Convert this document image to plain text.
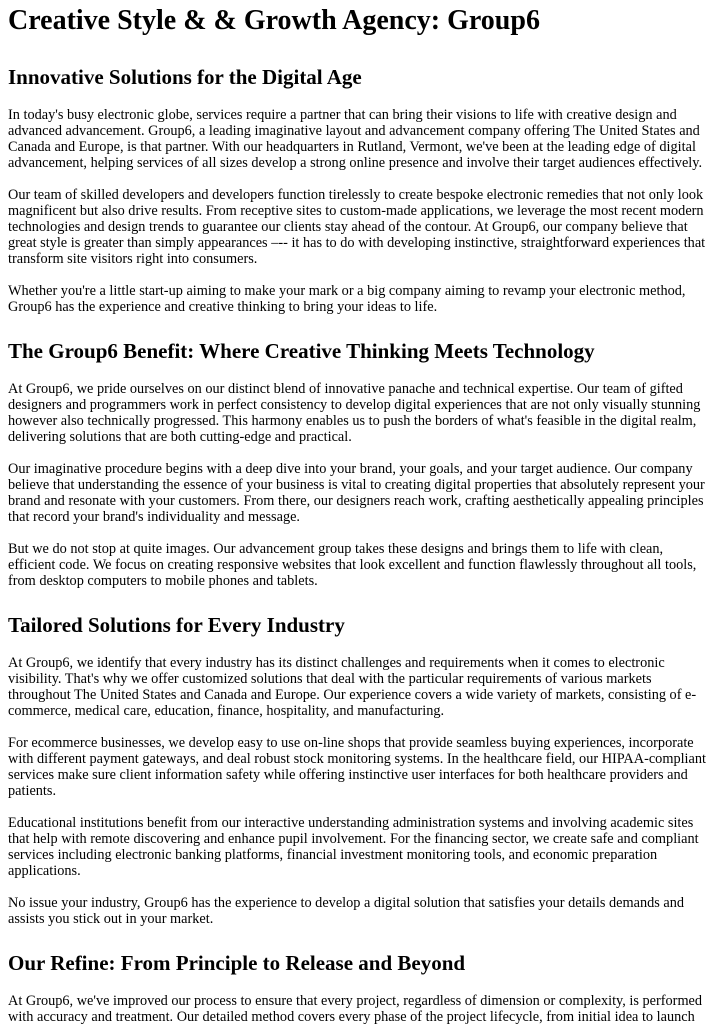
Creative Style & & Growth Agency: Group6
Innovative Solutions for the Digital Age

In today's busy electronic globe, services require a partner that can bring their visions to life with creative design and advanced advancement. Group6, a leading imaginative layout and advancement company offering The United States and Canada and Europe, is that partner. With our headquarters in Rutland, Vermont, we've been at the leading edge of digital advancement, helping services of all sizes develop a strong online presence and involve their target audiences effectively.

Our team of skilled developers and developers function tirelessly to create bespoke electronic remedies that not only look magnificent but also drive results. From receptive sites to custom-made applications, we leverage the most recent modern technologies and design trends to guarantee our clients stay ahead of the contour. At Group6, our company believe that great style is greater than simply appearances –-- it has to do with developing instinctive, straightforward experiences that transform site visitors right into consumers.

Whether you're a little start-up aiming to make your mark or a big company aiming to revamp your electronic method, Group6 has the experience and creative thinking to bring your ideas to life.

The Group6 Benefit: Where Creative Thinking Meets Technology

At Group6, we pride ourselves on our distinct blend of innovative panache and technical expertise. Our team of gifted designers and programmers work in perfect consistency to develop digital experiences that are not only visually stunning however also technically progressed. This harmony enables us to push the borders of what's feasible in the digital realm, delivering solutions that are both cutting-edge and practical.

Our imaginative procedure begins with a deep dive into your brand, your goals, and your target audience. Our company believe that understanding the essence of your business is vital to creating digital properties that absolutely represent your brand and resonate with your customers. From there, our designers reach work, crafting aesthetically appealing principles that record your brand's individuality and message.

But we do not stop at quite images. Our advancement group takes these designs and brings them to life with clean, efficient code. We focus on creating responsive websites that look excellent and function flawlessly throughout all tools, from desktop computers to mobile phones and tablets.

Tailored Solutions for Every Industry

At Group6, we identify that every industry has its distinct challenges and requirements when it comes to electronic visibility. That's why we offer customized solutions that deal with the particular requirements of various markets throughout The United States and Canada and Europe. Our experience covers a wide variety of markets, consisting of e-commerce, medical care, education, finance, hospitality, and manufacturing.

For ecommerce businesses, we develop easy to use on-line shops that provide seamless buying experiences, incorporate with different payment gateways, and deal robust stock monitoring systems. In the healthcare field, our HIPAA-compliant services make sure client information safety while offering instinctive user interfaces for both healthcare providers and patients.

Educational institutions benefit from our interactive understanding administration systems and involving academic sites that help with remote discovering and enhance pupil involvement. For the financing sector, we create safe and compliant services including electronic banking platforms, financial investment monitoring tools, and economic preparation applications.

No issue your industry, Group6 has the experience to develop a digital solution that satisfies your details demands and assists you stick out in your market.

Our Refine: From Principle to Release and Beyond

At Group6, we've improved our process to ensure that every project, regardless of dimension or complexity, is performed with accuracy and treatment. Our detailed method covers every phase of the project lifecycle, from initial idea to launch
